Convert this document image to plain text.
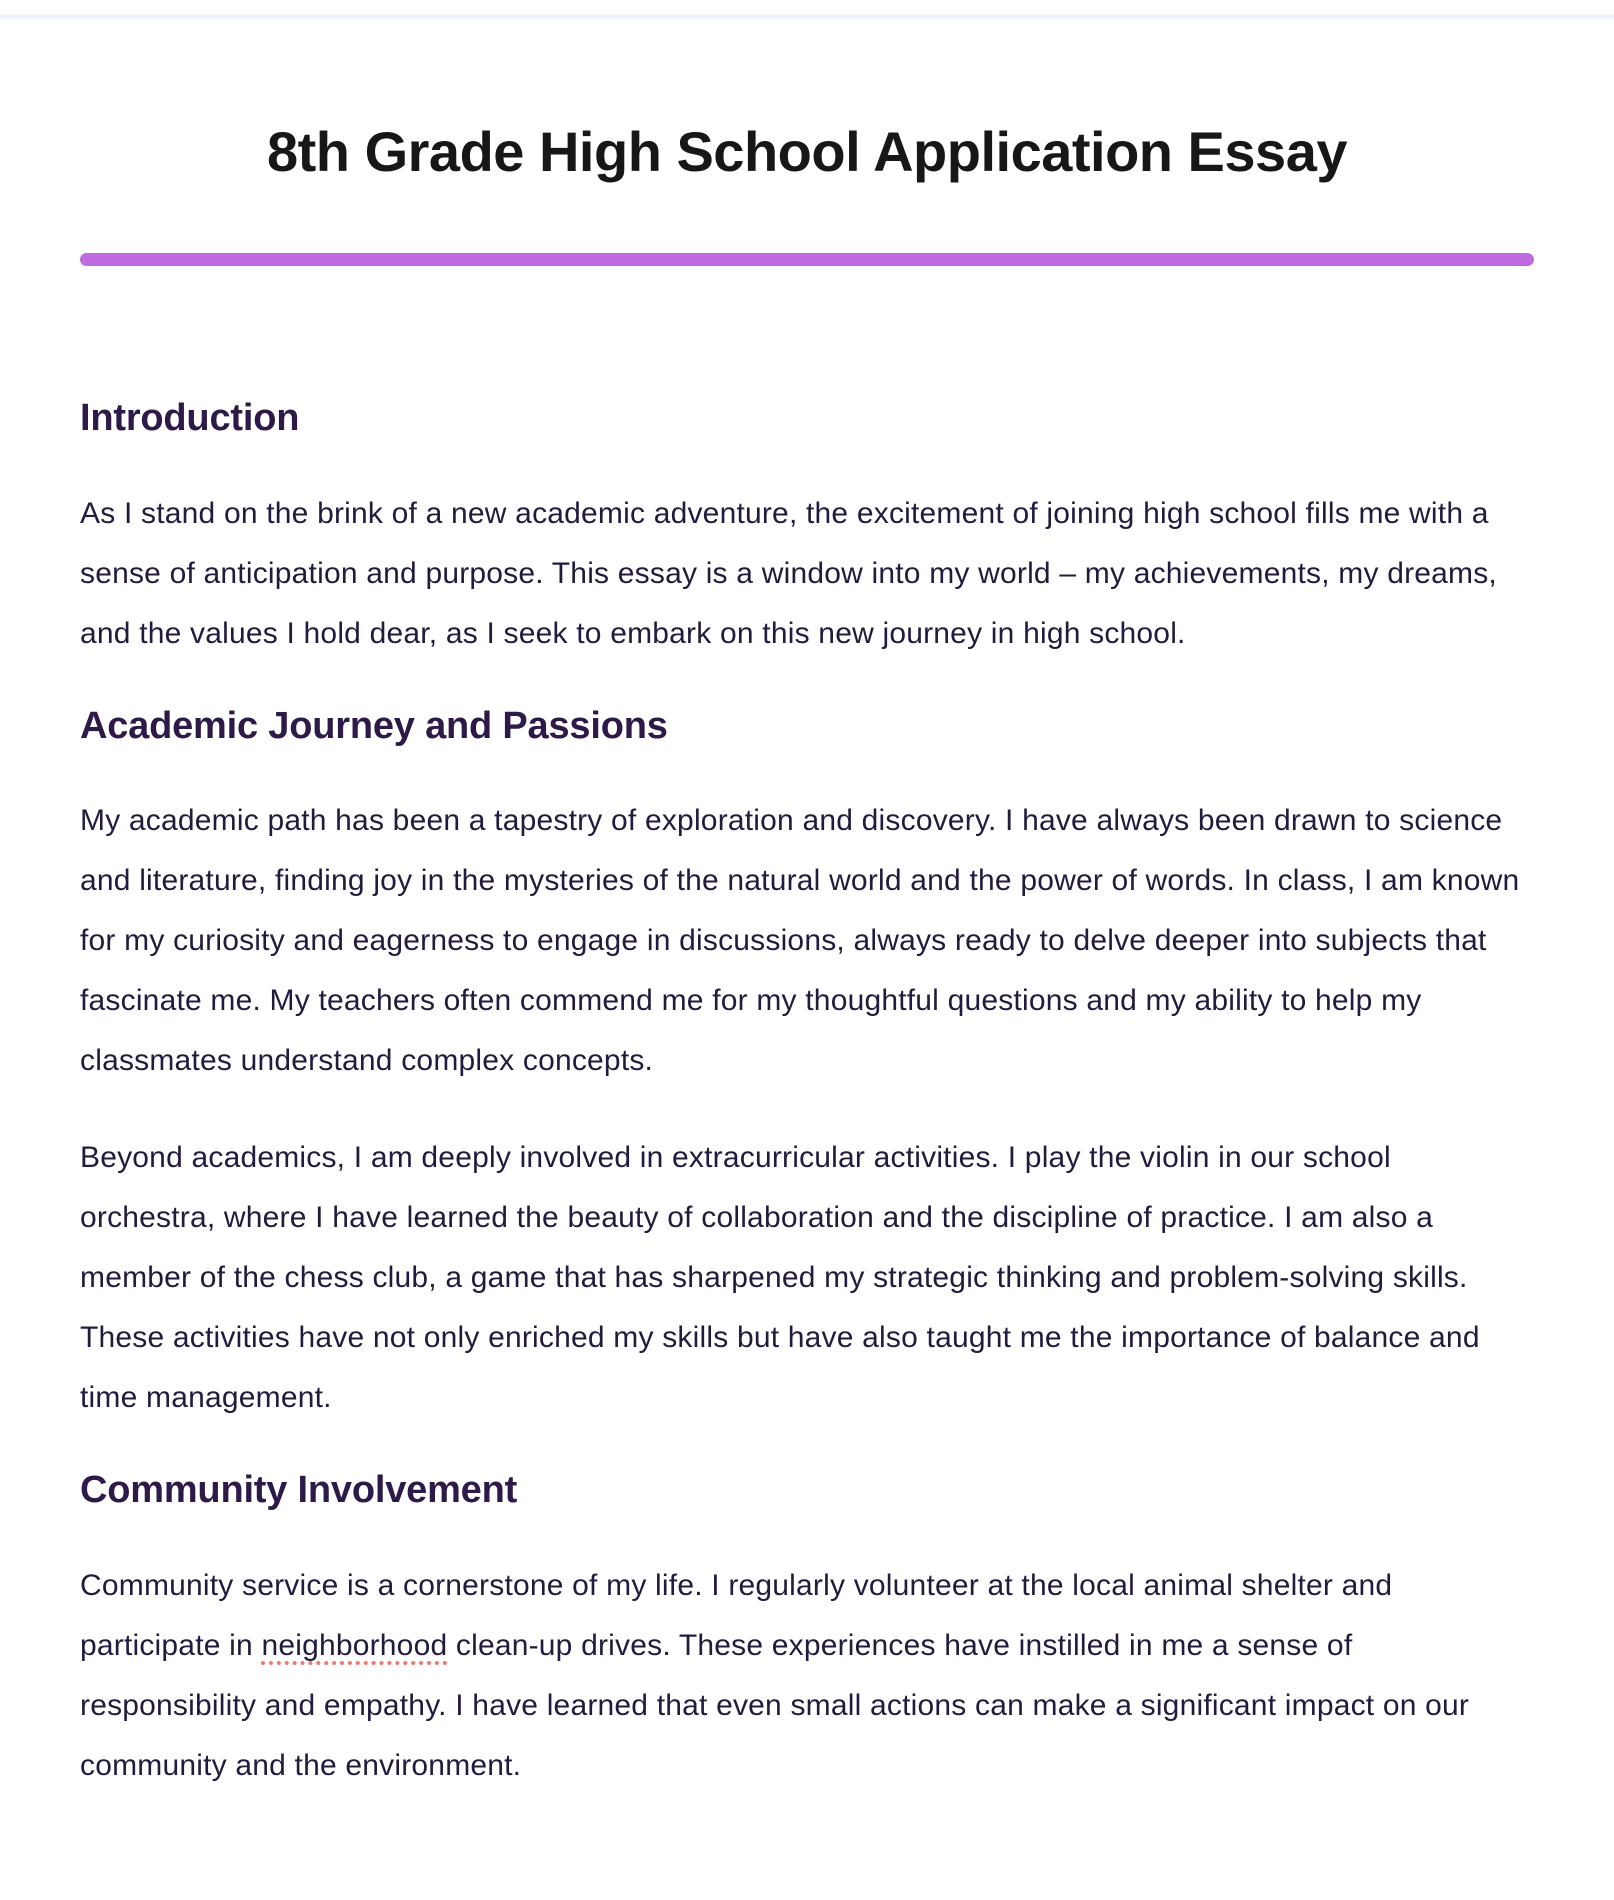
8th Grade High School Application Essay
Introduction

As I stand on the brink of a new academic adventure, the excitement of joining high school fills me with a sense of anticipation and purpose. This essay is a window into my world – my achievements, my dreams, and the values I hold dear, as I seek to embark on this new journey in high school.

Academic Journey and Passions

My academic path has been a tapestry of exploration and discovery. I have always been drawn to science and literature, finding joy in the mysteries of the natural world and the power of words. In class, I am known for my curiosity and eagerness to engage in discussions, always ready to delve deeper into subjects that fascinate me. My teachers often commend me for my thoughtful questions and my ability to help my classmates understand complex concepts.

Beyond academics, I am deeply involved in extracurricular activities. I play the violin in our school orchestra, where I have learned the beauty of collaboration and the discipline of practice. I am also a member of the chess club, a game that has sharpened my strategic thinking and problem-solving skills. These activities have not only enriched my skills but have also taught me the importance of balance and time management.

Community Involvement

Community service is a cornerstone of my life. I regularly volunteer at the local animal shelter and participate in neighborhood clean-up drives. These experiences have instilled in me a sense of responsibility and empathy. I have learned that even small actions can make a significant impact on our community and the environment.
